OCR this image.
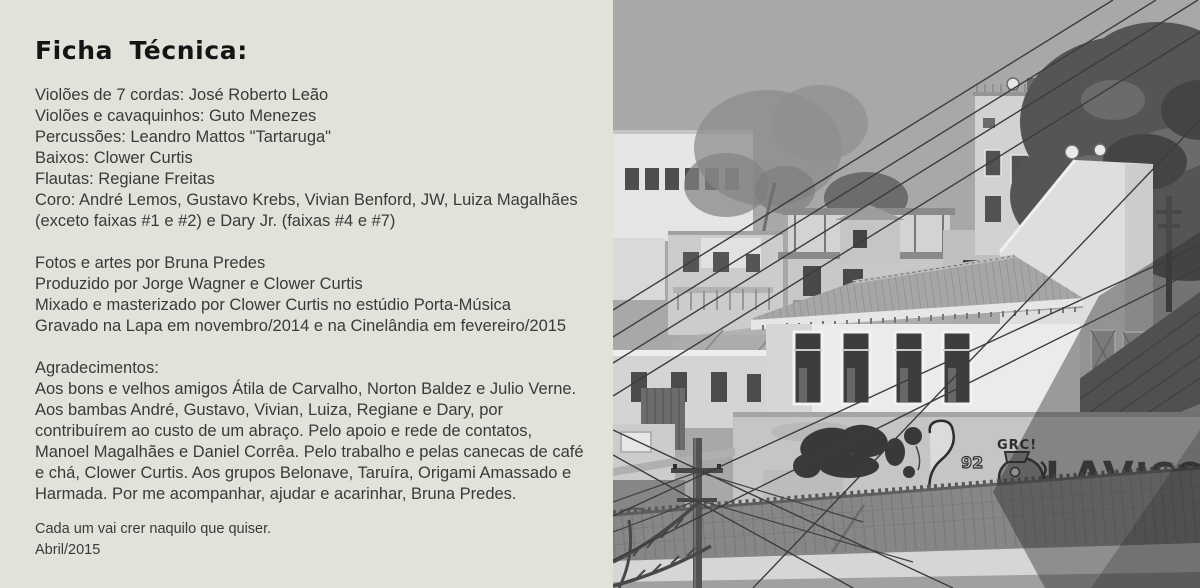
Ficha Técnica:

Violões de 7 cordas: José Roberto Leão

Violões e cavaquinhos: Guto Menezes

Percussões: Leandro Mattos "Tartaruga"

Baixos: Clower Curtis

Flautas: Regiane Freitas

Coro: André Lemos, Gustavo Krebs, Vivian Benford, JW, Luiza Magalhães

(exceto faixas #1 e #2) e Dary Jr. (faixas #4 e #7)

Fotos e artes por Bruna Predes

Produzido por Jorge Wagner e Clower Curtis

Mixado e masterizado por Clower Curtis no estúdio Porta-Música

Gravado na Lapa em novembro/2014 e na Cinelândia em fevereiro/2015

Agradecimentos:

Aos bons e velhos amigos Átila de Carvalho, Norton Baldez e Julio Verne.

Aos bambas André, Gustavo, Vivian, Luiza, Regiane e Dary, por

contribuírem ao custo de um abraço. Pelo apoio e rede de contatos,

Manoel Magalhães e Daniel Corrêa. Pelo trabalho e pelas canecas de café

e chá, Clower Curtis. Aos grupos Belonave, Taruíra, Origami Amassado e

Harmada. Por me acompanhar, ajudar e acarinhar, Bruna Predes.

Cada um vai crer naquilo que quiser.

Abril/2015

92
GRC!
